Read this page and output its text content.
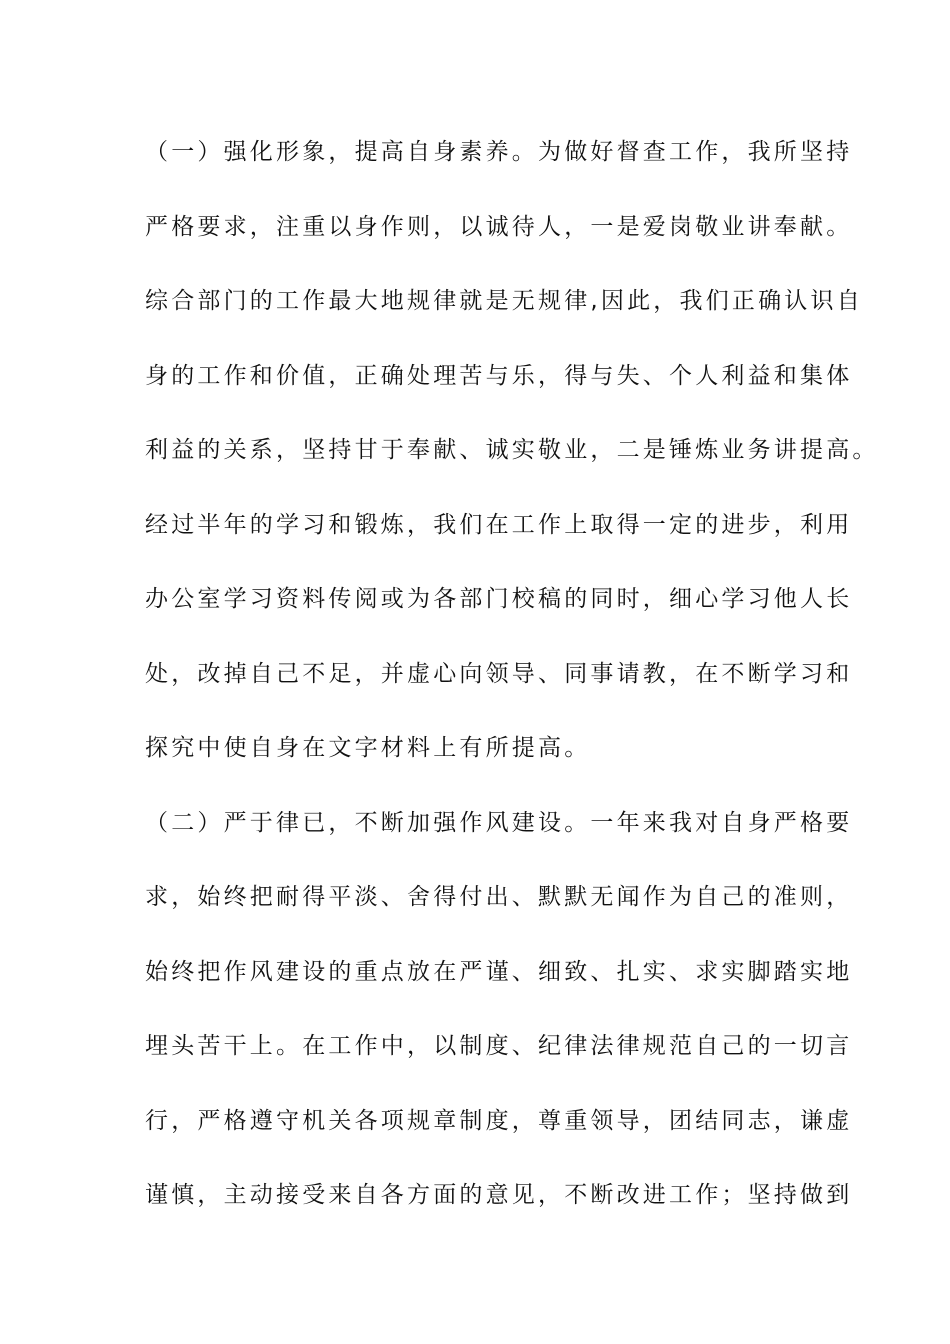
（一）强化形象，提高自身素养。为做好督查工作，我所坚持
严格要求，注重以身作则，以诚待人，一是爱岗敬业讲奉献。
综合部门的工作最大地规律就是无规律,因此，我们正确认识自
身的工作和价值，正确处理苦与乐，得与失、个人利益和集体
利益的关系，坚持甘于奉献、诚实敬业，二是锤炼业务讲提高。
经过半年的学习和锻炼，我们在工作上取得一定的进步，利用
办公室学习资料传阅或为各部门校稿的同时，细心学习他人长
处，改掉自己不足，并虚心向领导、同事请教，在不断学习和
探究中使自身在文字材料上有所提高。
（二）严于律已，不断加强作风建设。一年来我对自身严格要
求，始终把耐得平淡、舍得付出、默默无闻作为自己的准则，
始终把作风建设的重点放在严谨、细致、扎实、求实脚踏实地
埋头苦干上。在工作中，以制度、纪律法律规范自己的一切言
行，严格遵守机关各项规章制度，尊重领导，团结同志，谦虚
谨慎，主动接受来自各方面的意见，不断改进工作；坚持做到
